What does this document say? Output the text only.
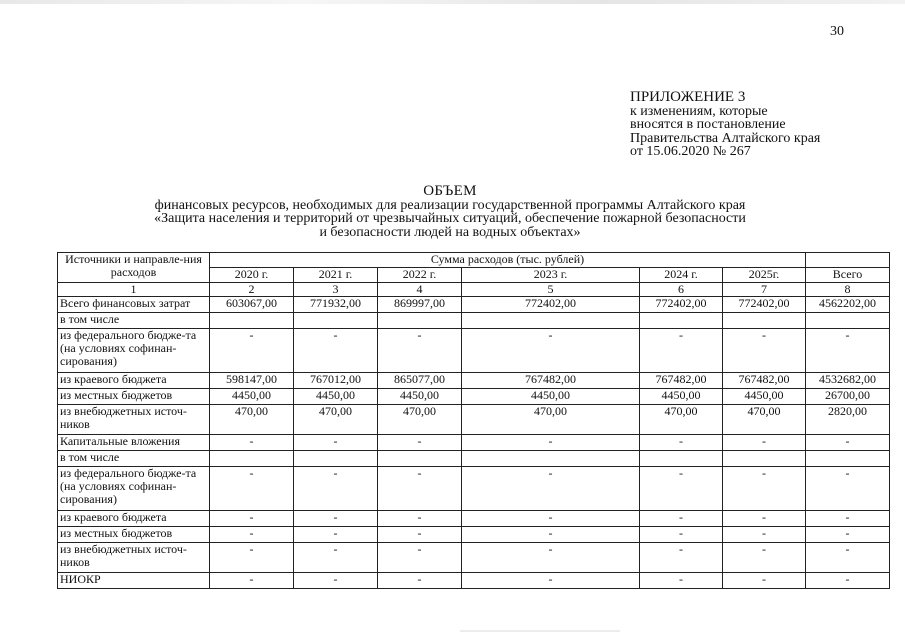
30
ПРИЛОЖЕНИЕ 3
к изменениям, которые
вносятся в постановление
Правительства Алтайского края
от 15.06.2020 № 267
ОБЪЕМ
финансовых ресурсов, необходимых для реализации государственной программы Алтайского края
«Защита населения и территорий от чрезвычайных ситуаций, обеспечение пожарной безопасности
и безопасности людей на водных объектах»
Источники и направле-ния расходов	Сумма расходов (тыс. рублей)						
	2020 г.	2021 г.	2022 г.	2023 г.	2024 г.	2025г.	Всего
1	2	3	4	5	6	7	8
Всего финансовых затрат	603067,00	771932,00	869997,00	772402,00	772402,00	772402,00	4562202,00
в том числе							
из федерального бюдже-та (на условиях софинан-сирования)	-	-	-	-	-	-	-
из краевого бюджета	598147,00	767012,00	865077,00	767482,00	767482,00	767482,00	4532682,00
из местных бюджетов	4450,00	4450,00	4450,00	4450,00	4450,00	4450,00	26700,00
из внебюджетных источ-ников	470,00	470,00	470,00	470,00	470,00	470,00	2820,00
Капитальные вложения	-	-	-	-	-	-	-
в том числе							
из федерального бюдже-та (на условиях софинан-сирования)	-	-	-	-	-	-	-
из краевого бюджета	-	-	-	-	-	-	-
из местных бюджетов	-	-	-	-	-	-	-
из внебюджетных источ-ников	-	-	-	-	-	-	-
НИОКР	-	-	-	-	-	-	-
